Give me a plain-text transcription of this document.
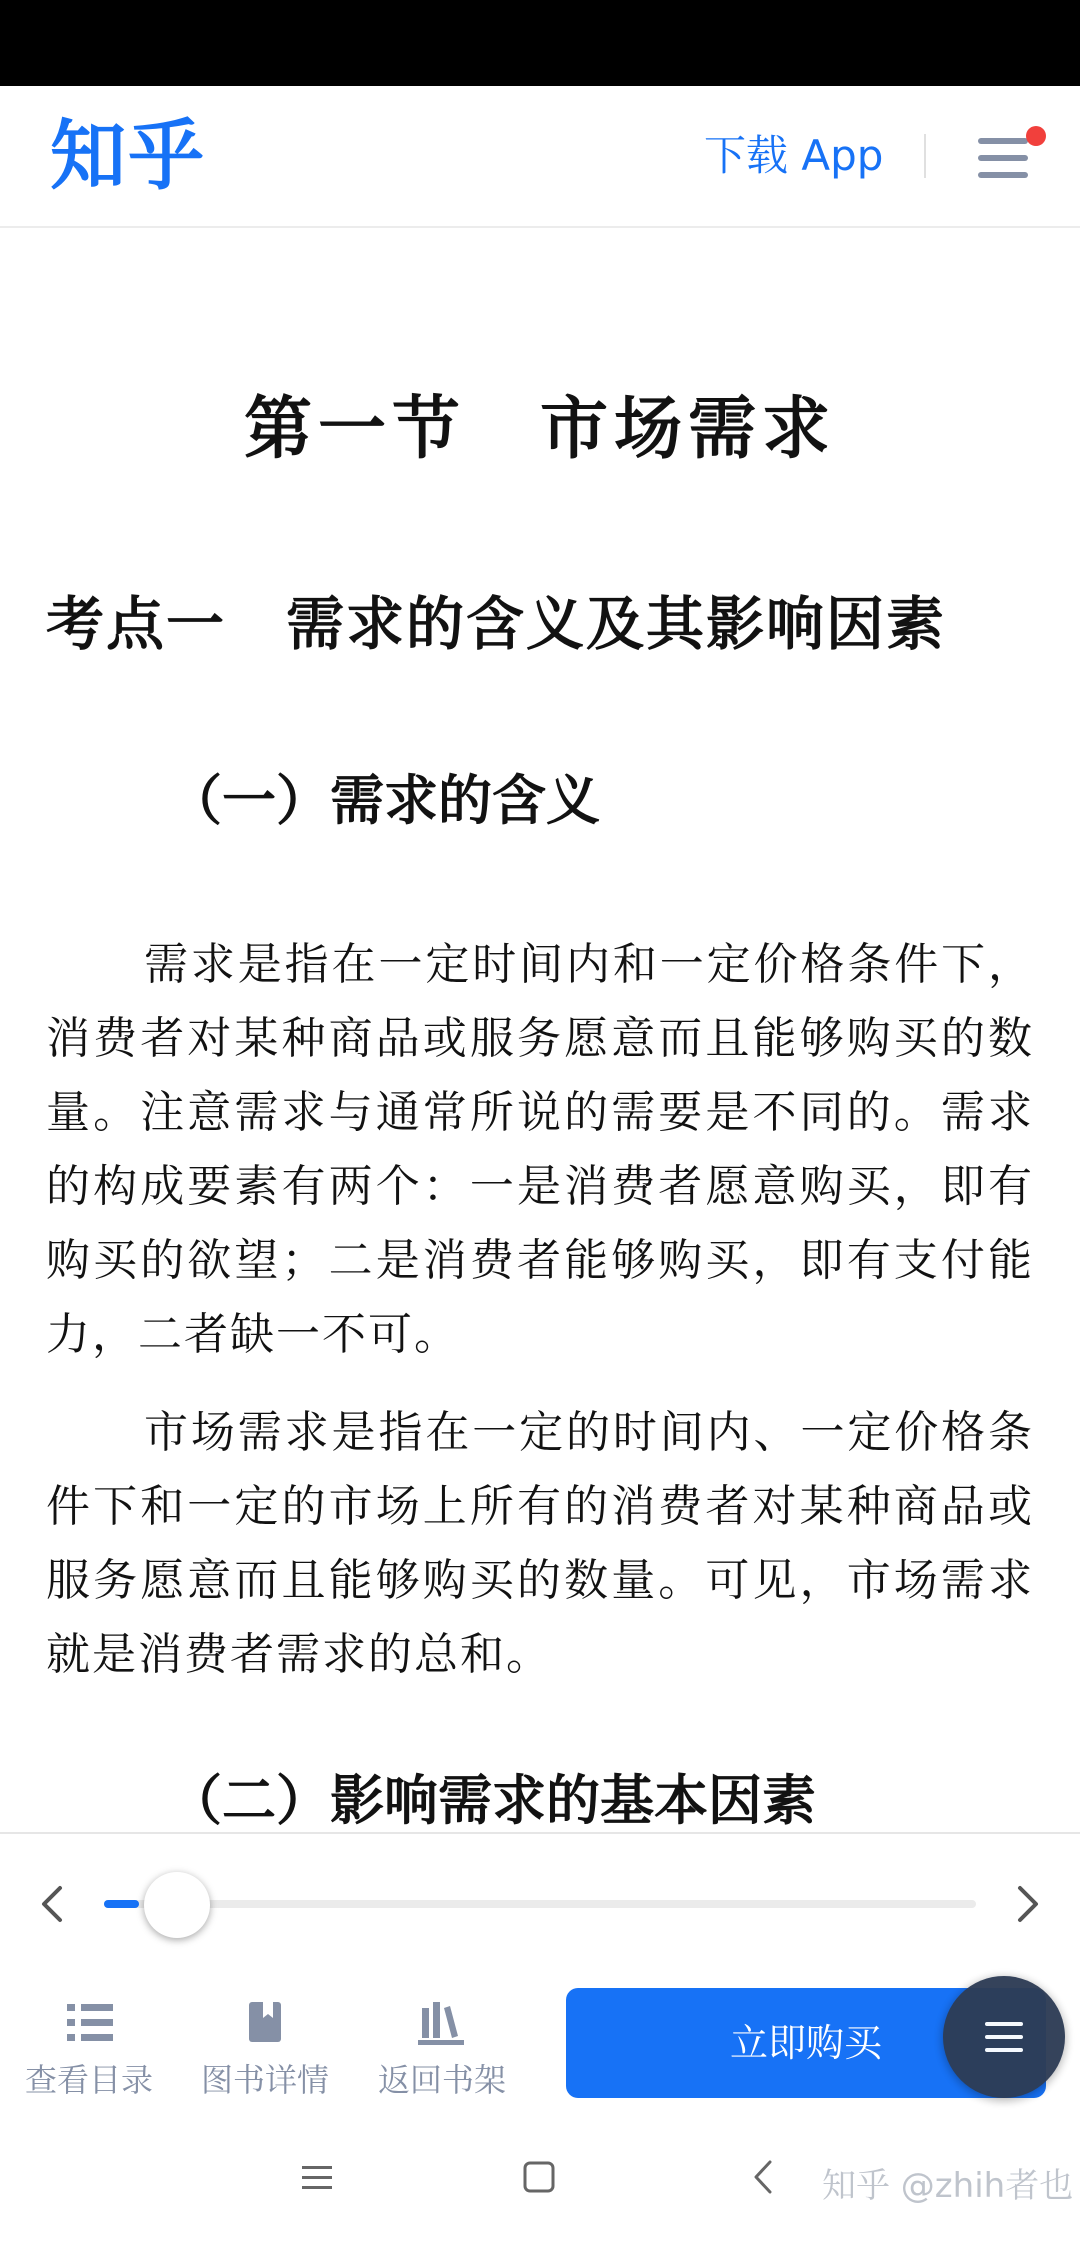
知乎	下载 App
第一节　市场需求
考点一　需求的含义及其影响因素
（一）需求的含义
需求是指在一定时间内和一定价格条件下，消费者对某种商品或服务愿意而且能够购买的数量。注意需求与通常所说的需要是不同的。需求的构成要素有两个：一是消费者愿意购买，即有购买的欲望；二是消费者能够购买，即有支付能力，二者缺一不可。
市场需求是指在一定的时间内、一定价格条件下和一定的市场上所有的消费者对某种商品或服务愿意而且能够购买的数量。可见，市场需求就是消费者需求的总和。
（二）影响需求的基本因素
查看目录	图书详情	返回书架
立即购买
知乎 @zhih者也
